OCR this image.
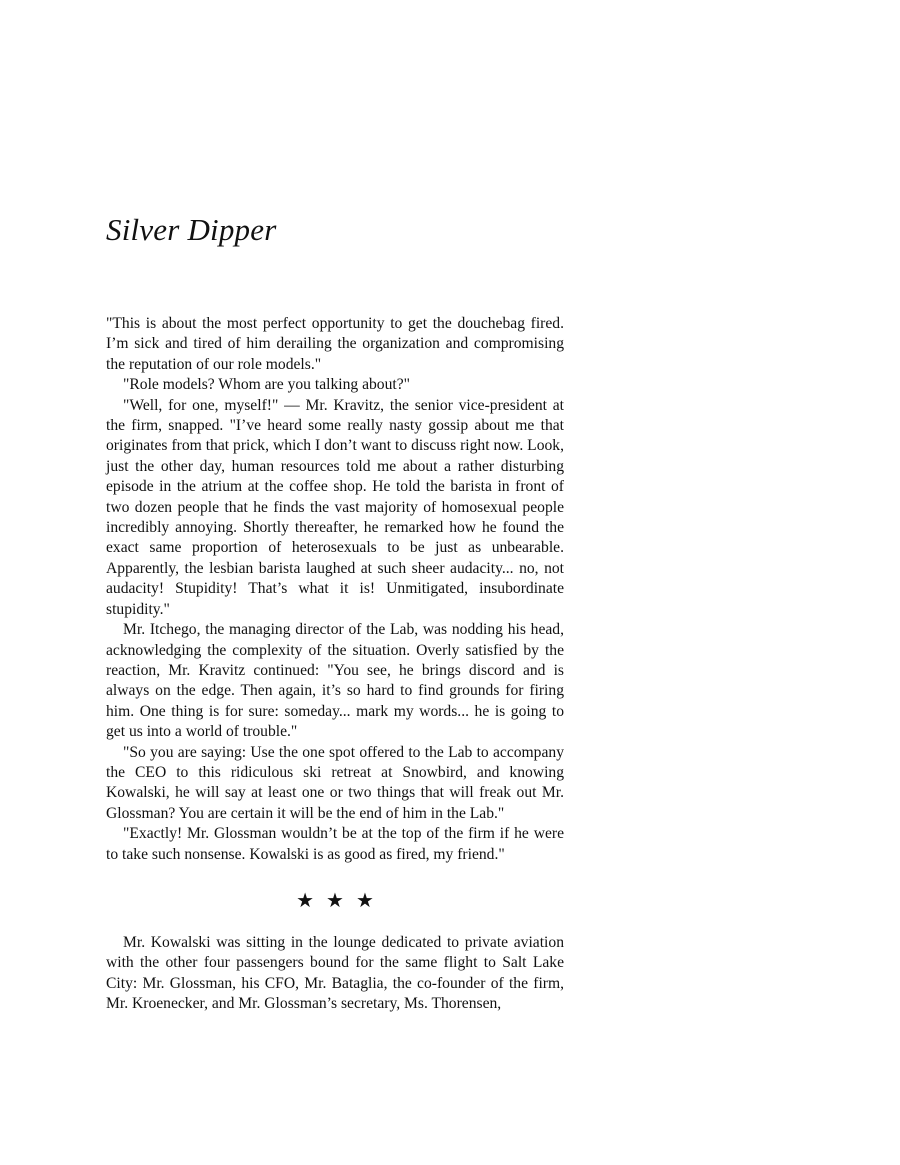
Silver Dipper

"This is about the most perfect opportunity to get the douchebag fired. I’m sick and tired of him derailing the organization and compromising the reputation of our role models."

"Role models? Whom are you talking about?"

"Well, for one, myself!" — Mr. Kravitz, the senior vice-president at the firm, snapped. "I’ve heard some really nasty gossip about me that originates from that prick, which I don’t want to discuss right now. Look, just the other day, human resources told me about a rather disturbing episode in the atrium at the coffee shop. He told the barista in front of two dozen people that he finds the vast majority of homosexual people incredibly annoying. Shortly thereafter, he remarked how he found the exact same proportion of heterosexuals to be just as unbearable. Apparently, the lesbian barista laughed at such sheer audacity... no, not audacity! Stupidity! That’s what it is! Unmitigated, insubordinate stupidity."

Mr. Itchego, the managing director of the Lab, was nodding his head, acknowledging the complexity of the situation. Overly satisfied by the reaction, Mr. Kravitz continued: "You see, he brings discord and is always on the edge. Then again, it’s so hard to find grounds for firing him. One thing is for sure: someday... mark my words... he is going to get us into a world of trouble."

"So you are saying: Use the one spot offered to the Lab to accompany the CEO to this ridiculous ski retreat at Snowbird, and knowing Kowalski, he will say at least one or two things that will freak out Mr. Glossman? You are certain it will be the end of him in the Lab."

"Exactly! Mr. Glossman wouldn’t be at the top of the firm if he were to take such nonsense. Kowalski is as good as fired, my friend."

★★★

Mr. Kowalski was sitting in the lounge dedicated to private aviation with the other four passengers bound for the same flight to Salt Lake City: Mr. Glossman, his CFO, Mr. Bataglia, the co-founder of the firm, Mr. Kroenecker, and Mr. Glossman’s secretary, Ms. Thorensen,
